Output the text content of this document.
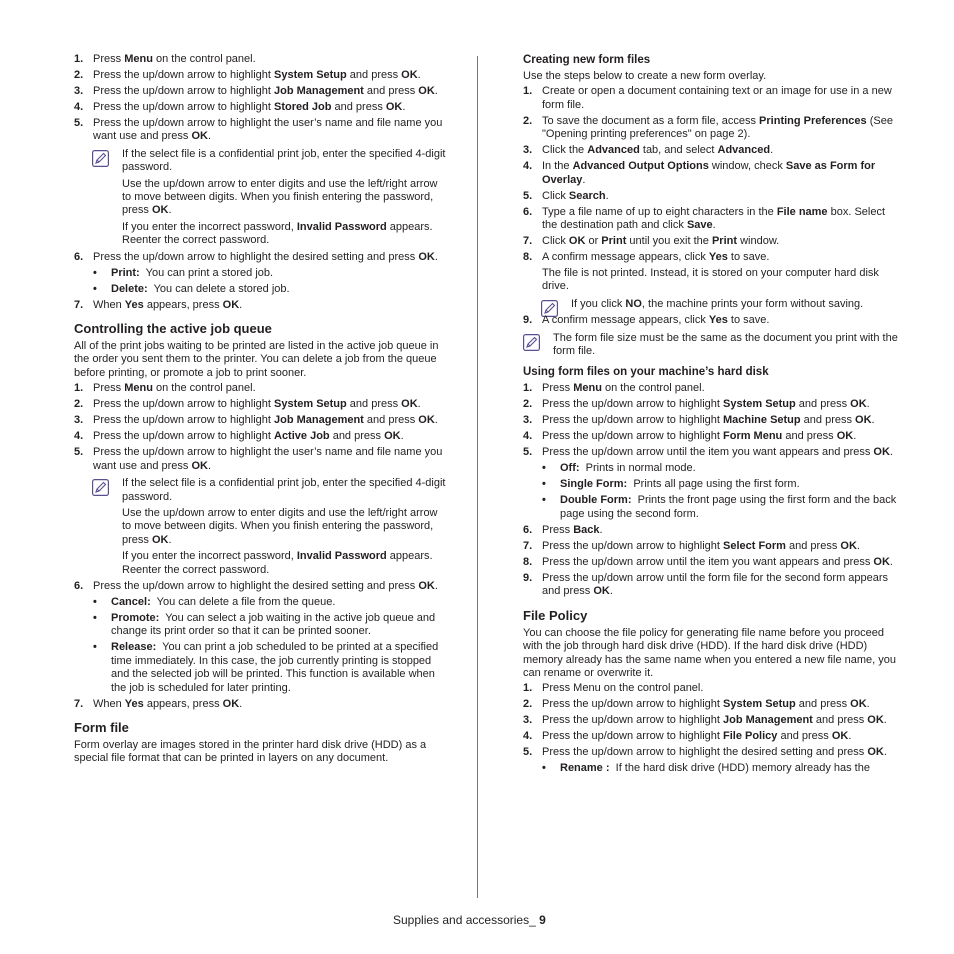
1. Press Menu on the control panel.
2. Press the up/down arrow to highlight System Setup and press OK.
3. Press the up/down arrow to highlight Job Management and press OK.
4. Press the up/down arrow to highlight Stored Job and press OK.
5. Press the up/down arrow to highlight the user’s name and file name you want use and press OK.

If the select file is a confidential print job, enter the specified 4-digit password.

Use the up/down arrow to enter digits and use the left/right arrow to move between digits. When you finish entering the password, press OK.

If you enter the incorrect password, Invalid Password appears. Reenter the correct password.

6. Press the up/down arrow to highlight the desired setting and press OK.
• Print:  You can print a stored job.
• Delete:  You can delete a stored job.
7. When Yes appears, press OK.
Controlling the active job queue

All of the print jobs waiting to be printed are listed in the active job queue in the order you sent them to the printer. You can delete a job from the queue before printing, or promote a job to print sooner.

1. Press Menu on the control panel.
2. Press the up/down arrow to highlight System Setup and press OK.
3. Press the up/down arrow to highlight Job Management and press OK.
4. Press the up/down arrow to highlight Active Job and press OK.
5. Press the up/down arrow to highlight the user’s name and file name you want use and press OK.

If the select file is a confidential print job, enter the specified 4-digit password.

Use the up/down arrow to enter digits and use the left/right arrow to move between digits. When you finish entering the password, press OK.

If you enter the incorrect password, Invalid Password appears. Reenter the correct password.

6. Press the up/down arrow to highlight the desired setting and press OK.
• Cancel:  You can delete a file from the queue.
• Promote:  You can select a job waiting in the active job queue and change its print order so that it can be printed sooner.
• Release:  You can print a job scheduled to be printed at a specified time immediately. In this case, the job currently printing is stopped and the selected job will be printed. This function is available when the job is scheduled for later printing.
7. When Yes appears, press OK.
Form file

Form overlay are images stored in the printer hard disk drive (HDD) as a special file format that can be printed in layers on any document.

Creating new form files

Use the steps below to create a new form overlay.

1. Create or open a document containing text or an image for use in a new form file.
2. To save the document as a form file, access Printing Preferences (See "Opening printing preferences" on page 2).
3. Click the Advanced tab, and select Advanced.
4. In the Advanced Output Options window, check Save as Form for Overlay.
5. Click Search.
6. Type a file name of up to eight characters in the File name box. Select the destination path and click Save.
7. Click OK or Print until you exit the Print window.
8. A confirm message appears, click Yes to save.

The file is not printed. Instead, it is stored on your computer hard disk drive.

If you click NO, the machine prints your form without saving.

9. A confirm message appears, click Yes to save.

The form file size must be the same as the document you print with the form file.

Using form files on your machine’s hard disk
1. Press Menu on the control panel.
2. Press the up/down arrow to highlight System Setup and press OK.
3. Press the up/down arrow to highlight Machine Setup and press OK.
4. Press the up/down arrow to highlight Form Menu and press OK.
5. Press the up/down arrow until the item you want appears and press OK.
• Off:  Prints in normal mode.
• Single Form:  Prints all page using the first form.
• Double Form:  Prints the front page using the first form and the back page using the second form.
6. Press Back.
7. Press the up/down arrow to highlight Select Form and press OK.
8. Press the up/down arrow until the item you want appears and press OK.
9. Press the up/down arrow until the form file for the second form appears and press OK.
File Policy

You can choose the file policy for generating file name before you proceed with the job through hard disk drive (HDD). If the hard disk drive (HDD) memory already has the same name when you entered a new file name, you can rename or overwrite it.

1. Press Menu on the control panel.
2. Press the up/down arrow to highlight System Setup and press OK.
3. Press the up/down arrow to highlight Job Management and press OK.
4. Press the up/down arrow to highlight File Policy and press OK.
5. Press the up/down arrow to highlight the desired setting and press OK.
• Rename :  If the hard disk drive (HDD) memory already has the
Supplies and accessories_ 9
